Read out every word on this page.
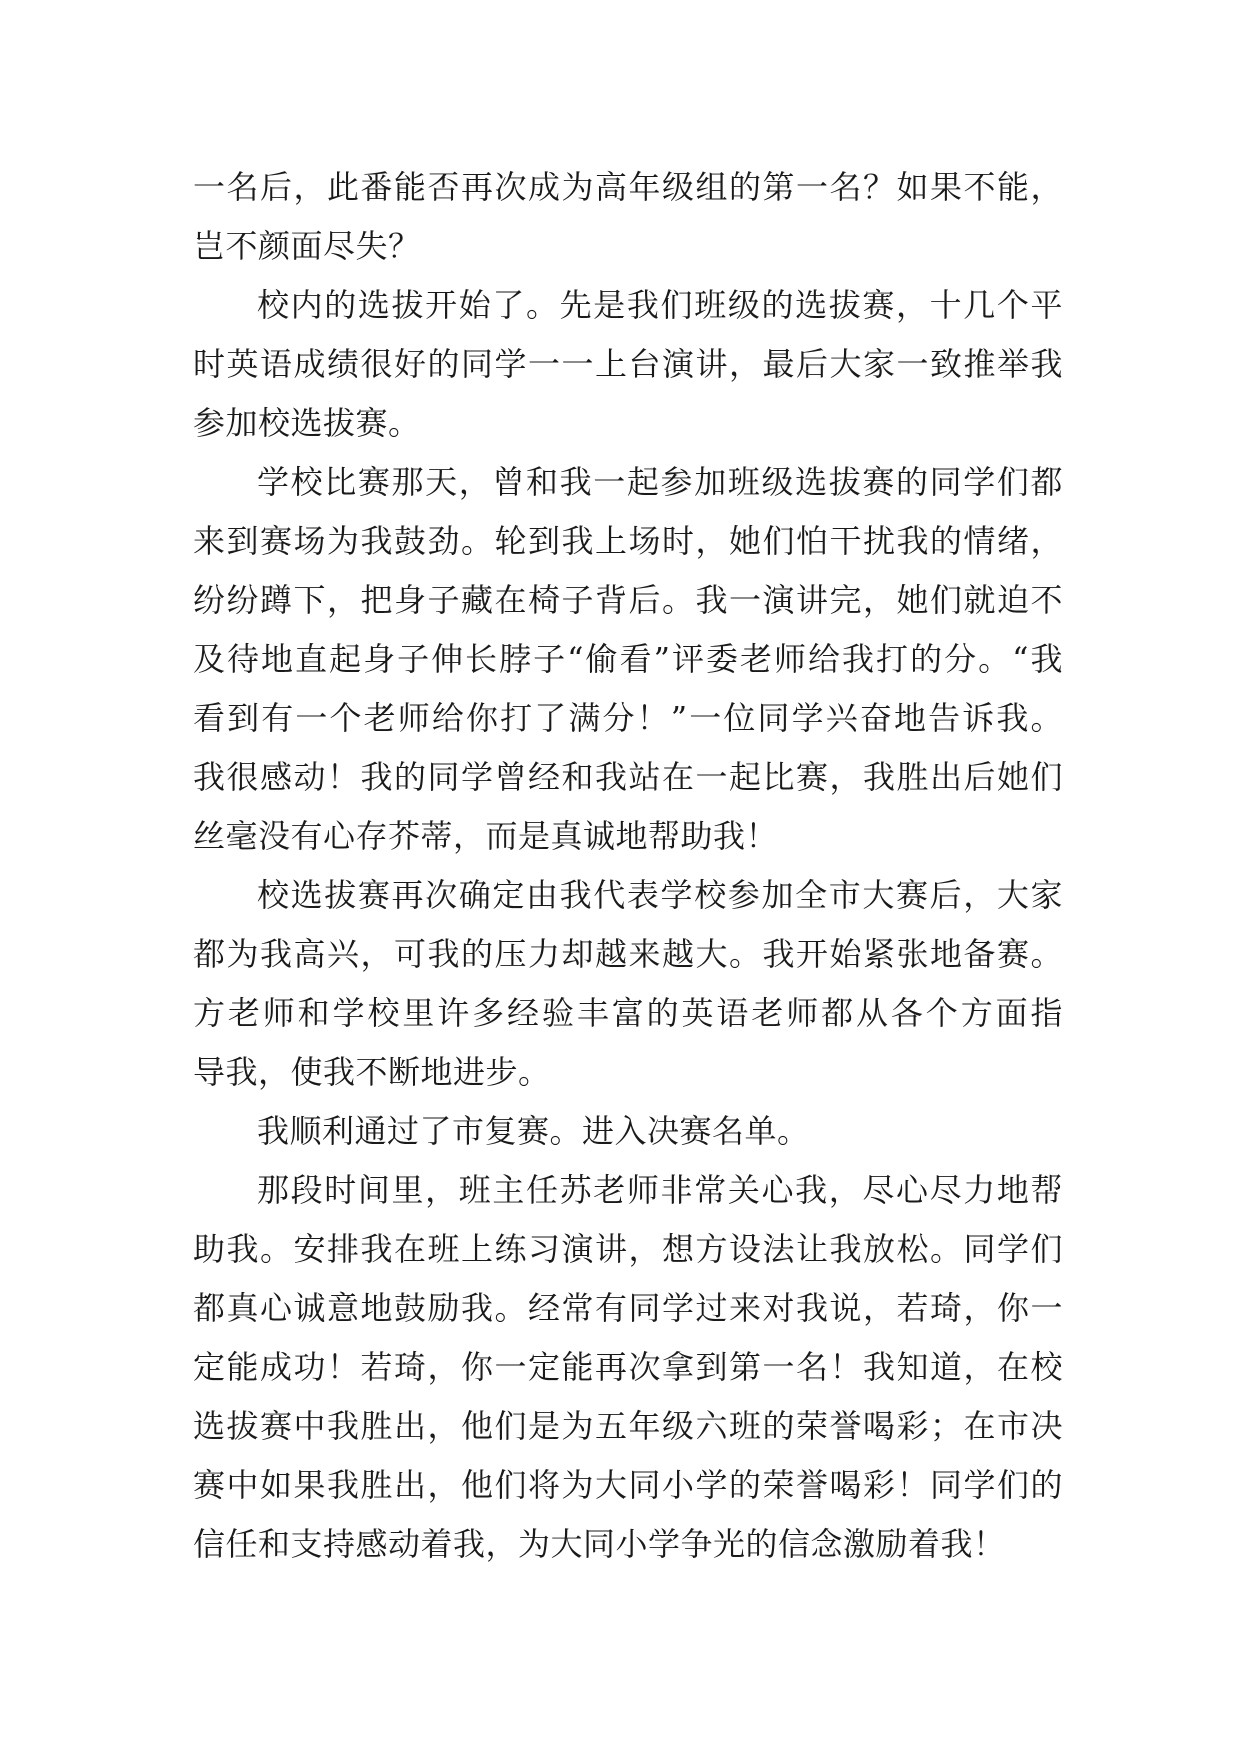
一名后，此番能否再次成为高年级组的第一名？如果不能，
岂不颜面尽失？
校内的选拔开始了。先是我们班级的选拔赛，十几个平
时英语成绩很好的同学一一上台演讲，最后大家一致推举我
参加校选拔赛。
学校比赛那天，曾和我一起参加班级选拔赛的同学们都
来到赛场为我鼓劲。轮到我上场时，她们怕干扰我的情绪，
纷纷蹲下，把身子藏在椅子背后。我一演讲完，她们就迫不
及待地直起身子伸长脖子“偷看”评委老师给我打的分。“我
看到有一个老师给你打了满分！”一位同学兴奋地告诉我。
我很感动！我的同学曾经和我站在一起比赛，我胜出后她们
丝毫没有心存芥蒂，而是真诚地帮助我！
校选拔赛再次确定由我代表学校参加全市大赛后，大家
都为我高兴，可我的压力却越来越大。我开始紧张地备赛。
方老师和学校里许多经验丰富的英语老师都从各个方面指
导我，使我不断地进步。
我顺利通过了市复赛。进入决赛名单。
那段时间里，班主任苏老师非常关心我，尽心尽力地帮
助我。安排我在班上练习演讲，想方设法让我放松。同学们
都真心诚意地鼓励我。经常有同学过来对我说，若琦，你一
定能成功！若琦，你一定能再次拿到第一名！我知道，在校
选拔赛中我胜出，他们是为五年级六班的荣誉喝彩；在市决
赛中如果我胜出，他们将为大同小学的荣誉喝彩！同学们的
信任和支持感动着我，为大同小学争光的信念激励着我！
